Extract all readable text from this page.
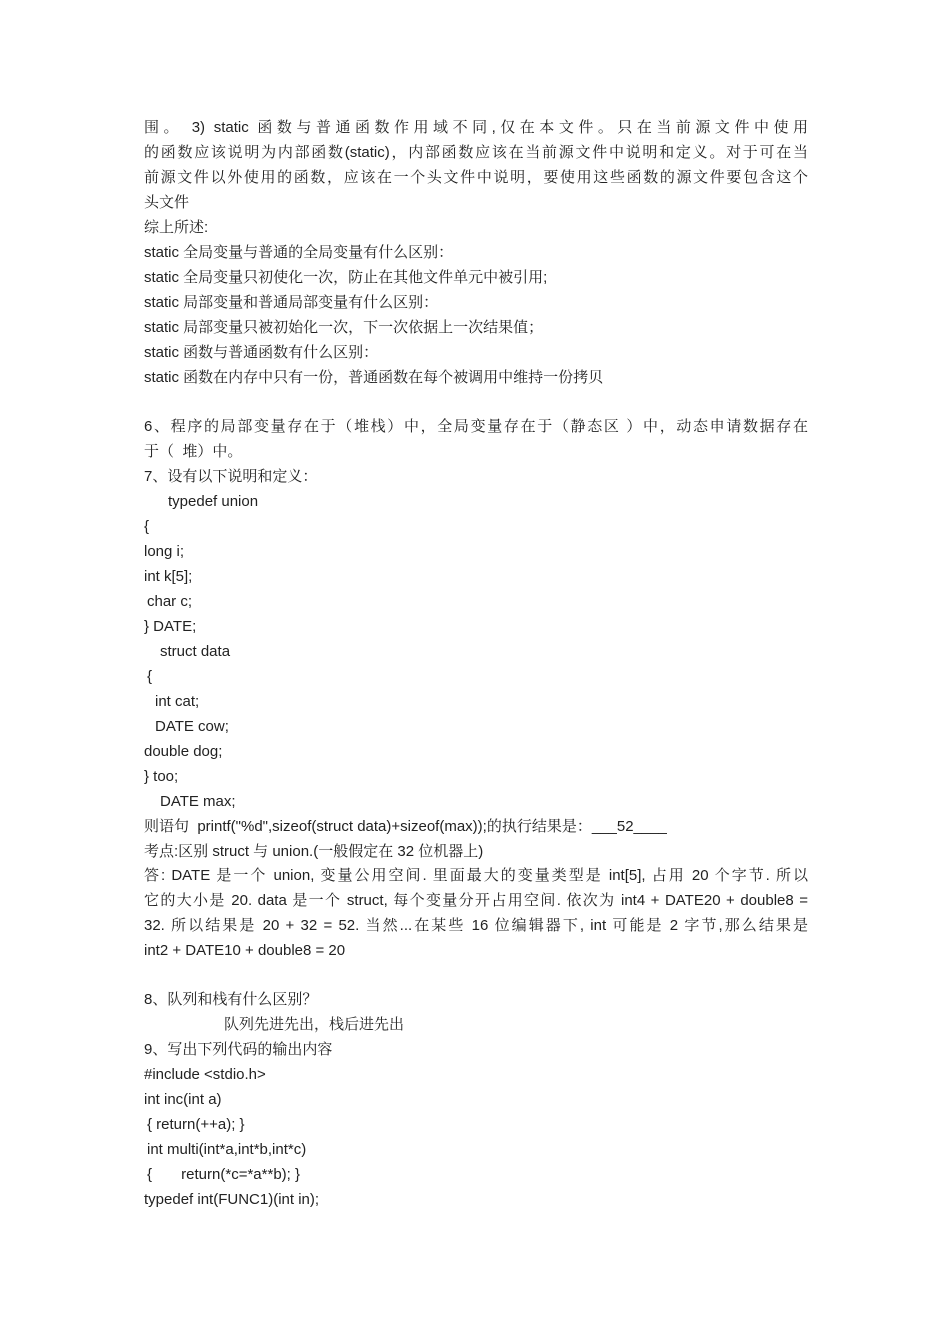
围。 3) static 函数与普通函数作用域不同,仅在本文件。只在当前源文件中使用
的函数应该说明为内部函数(static)，内部函数应该在当前源文件中说明和定义。对于可在当
前源文件以外使用的函数，应该在一个头文件中说明，要使用这些函数的源文件要包含这个
头文件
综上所述:
static 全局变量与普通的全局变量有什么区别：
static 全局变量只初使化一次，防止在其他文件单元中被引用;
static 局部变量和普通局部变量有什么区别：
static 局部变量只被初始化一次，下一次依据上一次结果值；
static 函数与普通函数有什么区别：
static 函数在内存中只有一份，普通函数在每个被调用中维持一份拷贝
6、程序的局部变量存在于（堆栈）中，全局变量存在于（静态区 ）中，动态申请数据存在
于（  堆）中。
7、设有以下说明和定义：
typedef union
{
long i;
int k[5];
char c;
} DATE;
struct data
{
int cat;
DATE cow;
double dog;
} too;
DATE max;
则语句  printf("%d",sizeof(struct data)+sizeof(max));的执行结果是：___52____
考点:区别 struct 与 union.(一般假定在 32 位机器上)
答: DATE 是一个 union, 变量公用空间. 里面最大的变量类型是 int[5], 占用 20 个字节. 所以
它的大小是 20. data 是一个 struct, 每个变量分开占用空间. 依次为 int4 + DATE20 + double8 =
32. 所以结果是 20 + 32 = 52. 当然...在某些 16 位编辑器下, int 可能是 2 字节,那么结果是
int2 + DATE10 + double8 = 20
8、队列和栈有什么区别？
队列先进先出，栈后进先出
9、写出下列代码的输出内容
#include <stdio.h>
int inc(int a)
{ return(++a); }
int multi(int*a,int*b,int*c)
{       return(*c=*a**b); }
typedef int(FUNC1)(int in);
